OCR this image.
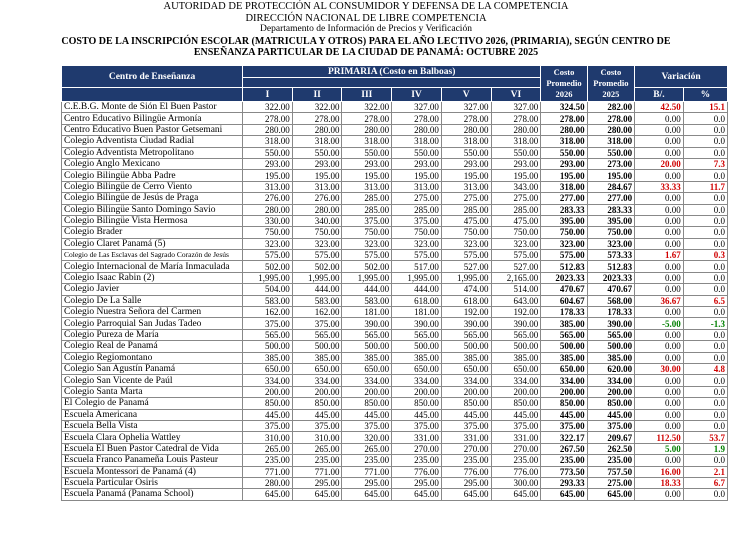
AUTORIDAD DE PROTECCIÓN AL CONSUMIDOR Y DEFENSA DE LA COMPETENCIA
DIRECCIÓN NACIONAL DE LIBRE COMPETENCIA
Departamento de Información de Precios y Verificación
COSTO DE LA INSCRIPCIÓN ESCOLAR (MATRICULA Y OTROS) PARA EL AÑO LECTIVO 2026, (PRIMARIA), SEGÚN CENTRO DE
ENSEÑANZA PARTICULAR DE LA CIUDAD DE PANAMÁ: OCTUBRE 2025
Centro de Enseñanza	PRIMARIA (Costo en Balboas)						Costo
Promedio
2026	Costo
Promedio
2025	Variación	

	I	II	III	IV	V	VI			B/.	%
C.E.B.G. Monte de Sión El Buen Pastor	322.00	322.00	322.00	327.00	327.00	327.00	324.50	282.00	42.50	15.1
Centro Educativo Bilingüe Armonía	278.00	278.00	278.00	278.00	278.00	278.00	278.00	278.00	0.00	0.0
Centro Educativo Buen Pastor Getsemani	280.00	280.00	280.00	280.00	280.00	280.00	280.00	280.00	0.00	0.0
Colegio Adventista Ciudad Radial	318.00	318.00	318.00	318.00	318.00	318.00	318.00	318.00	0.00	0.0
Colegio Adventista Metropolitano	550.00	550.00	550.00	550.00	550.00	550.00	550.00	550.00	0.00	0.0
Colegio Anglo Mexicano	293.00	293.00	293.00	293.00	293.00	293.00	293.00	273.00	20.00	7.3
Colegio Bilingüe Abba Padre	195.00	195.00	195.00	195.00	195.00	195.00	195.00	195.00	0.00	0.0
Colegio Bilingüe de Cerro Viento	313.00	313.00	313.00	313.00	313.00	343.00	318.00	284.67	33.33	11.7
Colegio Bilingüe de Jesús de Praga	276.00	276.00	285.00	275.00	275.00	275.00	277.00	277.00	0.00	0.0
Colegio Bilingüe Santo Domingo Savio	280.00	280.00	285.00	285.00	285.00	285.00	283.33	283.33	0.00	0.0
Colegio Bilingüe Vista Hermosa	330.00	340.00	375.00	375.00	475.00	475.00	395.00	395.00	0.00	0.0
Colegio Brader	750.00	750.00	750.00	750.00	750.00	750.00	750.00	750.00	0.00	0.0
Colegio Claret Panamá (5)	323.00	323.00	323.00	323.00	323.00	323.00	323.00	323.00	0.00	0.0
Colegio de Las Esclavas del Sagrado Corazón de Jesús	575.00	575.00	575.00	575.00	575.00	575.00	575.00	573.33	1.67	0.3
Colegio Internacional de María Inmaculada	502.00	502.00	502.00	517.00	527.00	527.00	512.83	512.83	0.00	0.0
Colegio Isaac Rabin (2)	1,995.00	1,995.00	1,995.00	1,995.00	1,995.00	2,165.00	2023.33	2023.33	0.00	0.0
Colegio Javier	504.00	444.00	444.00	444.00	474.00	514.00	470.67	470.67	0.00	0.0
Colegio De La Salle	583.00	583.00	583.00	618.00	618.00	643.00	604.67	568.00	36.67	6.5
Colegio Nuestra Señora del Carmen	162.00	162.00	181.00	181.00	192.00	192.00	178.33	178.33	0.00	0.0
Colegio Parroquial San Judas Tadeo	375.00	375.00	390.00	390.00	390.00	390.00	385.00	390.00	-5.00	-1.3
Colegio Pureza de María	565.00	565.00	565.00	565.00	565.00	565.00	565.00	565.00	0.00	0.0
Colegio Real de Panamá	500.00	500.00	500.00	500.00	500.00	500.00	500.00	500.00	0.00	0.0
Colegio Regiomontano	385.00	385.00	385.00	385.00	385.00	385.00	385.00	385.00	0.00	0.0
Colegio San Agustín Panamá	650.00	650.00	650.00	650.00	650.00	650.00	650.00	620.00	30.00	4.8
Colegio San Vicente de Paúl	334.00	334.00	334.00	334.00	334.00	334.00	334.00	334.00	0.00	0.0
Colegio Santa Marta	200.00	200.00	200.00	200.00	200.00	200.00	200.00	200.00	0.00	0.0
El Colegio de Panamá	850.00	850.00	850.00	850.00	850.00	850.00	850.00	850.00	0.00	0.0
Escuela Americana	445.00	445.00	445.00	445.00	445.00	445.00	445.00	445.00	0.00	0.0
Escuela Bella Vista	375.00	375.00	375.00	375.00	375.00	375.00	375.00	375.00	0.00	0.0
Escuela Clara Ophelia Wattley	310.00	310.00	320.00	331.00	331.00	331.00	322.17	209.67	112.50	53.7
Escuela El Buen Pastor Catedral de Vida	265.00	265.00	265.00	270.00	270.00	270.00	267.50	262.50	5.00	1.9
Escuela Franco Panameña Louis Pasteur	235.00	235.00	235.00	235.00	235.00	235.00	235.00	235.00	0.00	0.0
Escuela Montessori de Panamá (4)	771.00	771.00	771.00	776.00	776.00	776.00	773.50	757.50	16.00	2.1
Escuela Particular Osiris	280.00	295.00	295.00	295.00	295.00	300.00	293.33	275.00	18.33	6.7
Escuela Panamá (Panama School)	645.00	645.00	645.00	645.00	645.00	645.00	645.00	645.00	0.00	0.0
